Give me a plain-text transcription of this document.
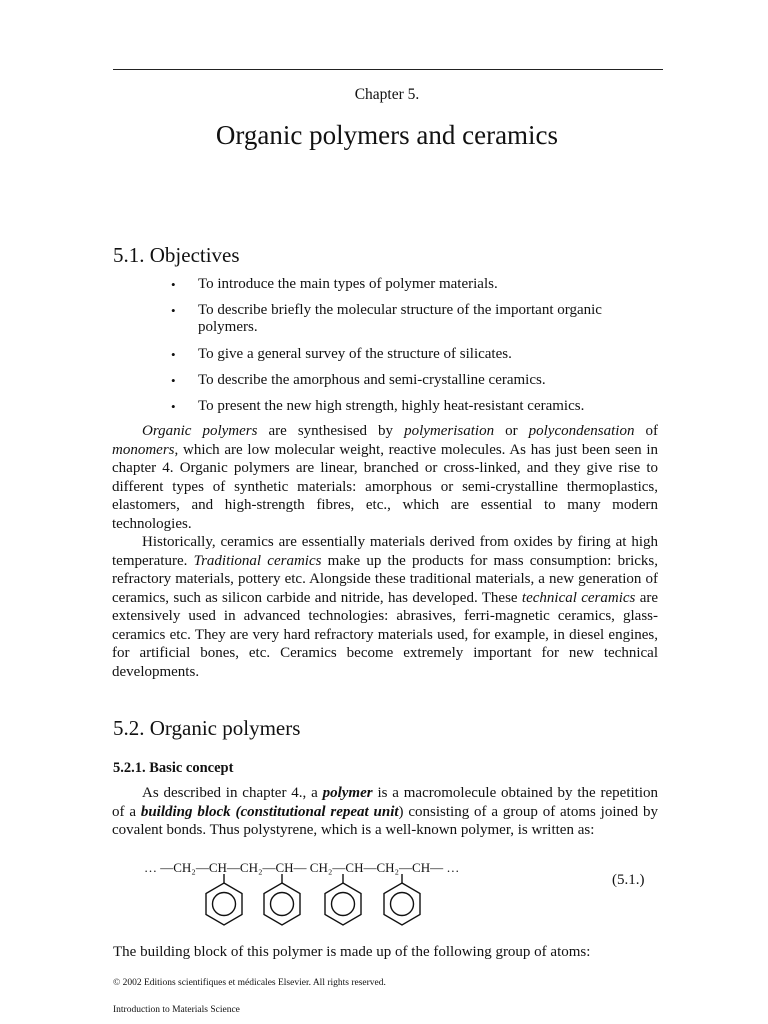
Chapter 5.
Organic polymers and ceramics
5.1. Objectives
• To introduce the main types of polymer materials.
• To describe briefly the molecular structure of the important organic polymers.
• To give a general survey of the structure of silicates.
• To describe the amorphous and semi-crystalline ceramics.
• To present the new high strength, highly heat-resistant ceramics.

Organic polymers are synthesised by polymerisation or polycondensation of monomers, which are low molecular weight, reactive molecules. As has just been seen in chapter 4. Organic polymers are linear, branched or cross-linked, and they give rise to different types of synthetic materials: amorphous or semi-crystalline thermoplastics, elastomers, and high-strength fibres, etc., which are essential to many modern technologies.

Historically, ceramics are essentially materials derived from oxides by firing at high temperature. Traditional ceramics make up the products for mass consumption: bricks, refractory materials, pottery etc. Alongside these traditional materials, a new generation of ceramics, such as silicon carbide and nitride, has developed. These technical ceramics are extensively used in advanced technologies: abrasives, ferri-magnetic ceramics, glass-ceramics etc. They are very hard refractory materials used, for example, in diesel engines, for artificial bones, etc. Ceramics become extremely important for new technical developments.

5.2. Organic polymers
5.2.1. Basic concept

As described in chapter 4., a polymer is a macromolecule obtained by the repetition of a building block (constitutional repeat unit) consisting of a group of atoms joined by covalent bonds. Thus polystyrene, which is a well-known polymer, is written as:

… —CH₂—CH—CH₂—CH— CH₂—CH—CH₂—CH— …
(5.1.)
The building block of this polymer is made up of the following group of atoms:
© 2002 Editions scientifiques et médicales Elsevier. All rights reserved.
Introduction to Materials Science
